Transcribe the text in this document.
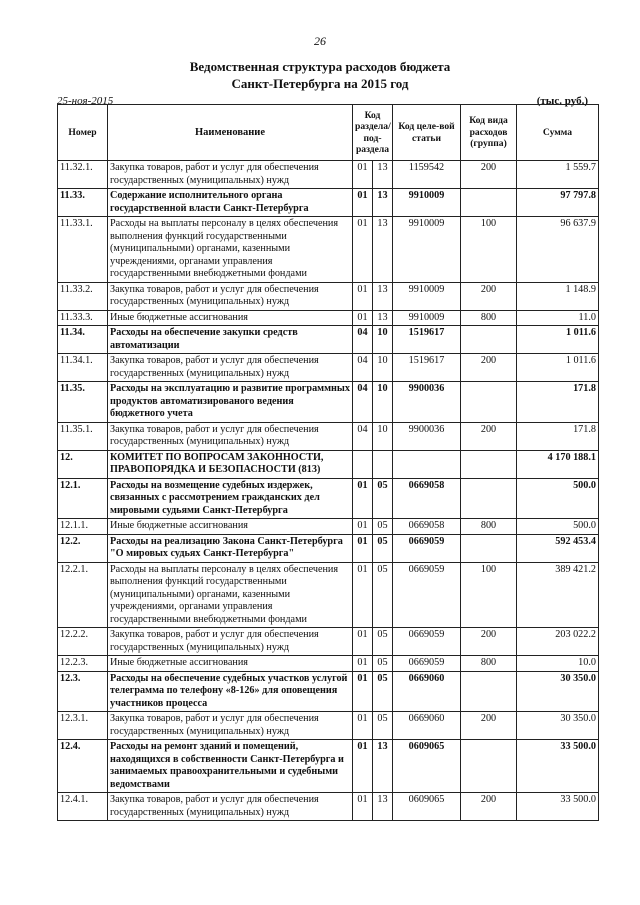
26
Ведомственная структура расходов бюджета
Санкт-Петербурга на 2015 год
25-ноя-2015	(тыс. руб.)
Номер	Наименование	Код раздела/ под-раздела		Код целе-вой статьи	Код вида расходов (группа)	Сумма
11.32.1.	Закупка товаров, работ и услуг для обеспечения государственных (муниципальных) нужд	01	13	1159542	200	1 559.7
11.33.	Содержание исполнительного органа государственной власти Санкт-Петербурга	01	13	9910009		97 797.8
11.33.1.	Расходы на выплаты персоналу в целях обеспечения выполнения функций государственными (муниципальными) органами, казенными учреждениями, органами управления государственными внебюджетными фондами	01	13	9910009	100	96 637.9
11.33.2.	Закупка товаров, работ и услуг для обеспечения государственных (муниципальных) нужд	01	13	9910009	200	1 148.9
11.33.3.	Иные бюджетные ассигнования	01	13	9910009	800	11.0
11.34.	Расходы на обеспечение закупки средств автоматизации	04	10	1519617		1 011.6
11.34.1.	Закупка товаров, работ и услуг для обеспечения государственных (муниципальных) нужд	04	10	1519617	200	1 011.6
11.35.	Расходы на эксплуатацию и развитие программных продуктов автоматизированого ведения бюджетного учета	04	10	9900036		171.8
11.35.1.	Закупка товаров, работ и услуг для обеспечения государственных (муниципальных) нужд	04	10	9900036	200	171.8
12.	КОМИТЕТ ПО ВОПРОСАМ ЗАКОННОСТИ, ПРАВОПОРЯДКА И БЕЗОПАСНОСТИ (813)					4 170 188.1
12.1.	Расходы на возмещение судебных издержек, связанных с рассмотрением гражданских дел мировыми судьями Санкт-Петербурга	01	05	0669058		500.0
12.1.1.	Иные бюджетные ассигнования	01	05	0669058	800	500.0
12.2.	Расходы на реализацию Закона Санкт-Петербурга "О мировых судьях Санкт-Петербурга"	01	05	0669059		592 453.4
12.2.1.	Расходы на выплаты персоналу в целях обеспечения выполнения функций государственными (муниципальными) органами, казенными учреждениями, органами управления государственными внебюджетными фондами	01	05	0669059	100	389 421.2
12.2.2.	Закупка товаров, работ и услуг для обеспечения государственных (муниципальных) нужд	01	05	0669059	200	203 022.2
12.2.3.	Иные бюджетные ассигнования	01	05	0669059	800	10.0
12.3.	Расходы на обеспечение судебных участков услугой телеграмма по телефону «8-126» для оповещения участников процесса	01	05	0669060		30 350.0
12.3.1.	Закупка товаров, работ и услуг для обеспечения государственных (муниципальных) нужд	01	05	0669060	200	30 350.0
12.4.	Расходы на ремонт зданий и помещений, находящихся в собственности Санкт-Петербурга и занимаемых правоохранительными и судебными ведомствами	01	13	0609065		33 500.0
12.4.1.	Закупка товаров, работ и услуг для обеспечения государственных (муниципальных) нужд	01	13	0609065	200	33 500.0
